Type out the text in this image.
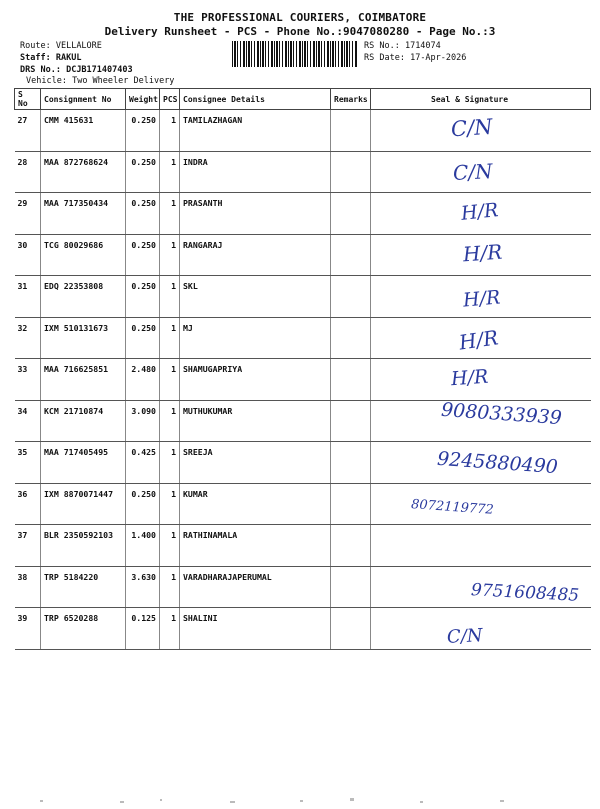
THE PROFESSIONAL COURIERS, COIMBATORE
Delivery Runsheet - PCS - Phone No.:9047080280 - Page No.:3
Route: VELLALORE
Staff: RAKUL
DRS No.: DCJB171407403
Vehicle: Two Wheeler Delivery
RS No.: 1714074
RS Date: 17-Apr-2026
S No	Consignment No	Weight	PCS	Consignee Details	Remarks	Seal & Signature
27	CMM 415631	0.250	1	TAMILAZHAGAN		C/N

28	MAA 872768624	0.250	1	INDRA		C/N

29	MAA 717350434	0.250	1	PRASANTH		H/R

30	TCG 80029686	0.250	1	RANGARAJ		H/R

31	EDQ 22353808	0.250	1	SKL		H/R

32	IXM 510131673	0.250	1	MJ		H/R

33	MAA 716625851	2.480	1	SHAMUGAPRIYA		H/R

34	KCM 21710874	3.090	1	MUTHUKUMAR		9080333939

35	MAA 717405495	0.425	1	SREEJA		9245880490

36	IXM 8870071447	0.250	1	KUMAR		8072119772

37	BLR 2350592103	1.400	1	RATHINAMALA		

38	TRP 5184220	3.630	1	VARADHARAJAPERUMAL		9751608485

39	TRP 6520288	0.125	1	SHALINI		C/N
